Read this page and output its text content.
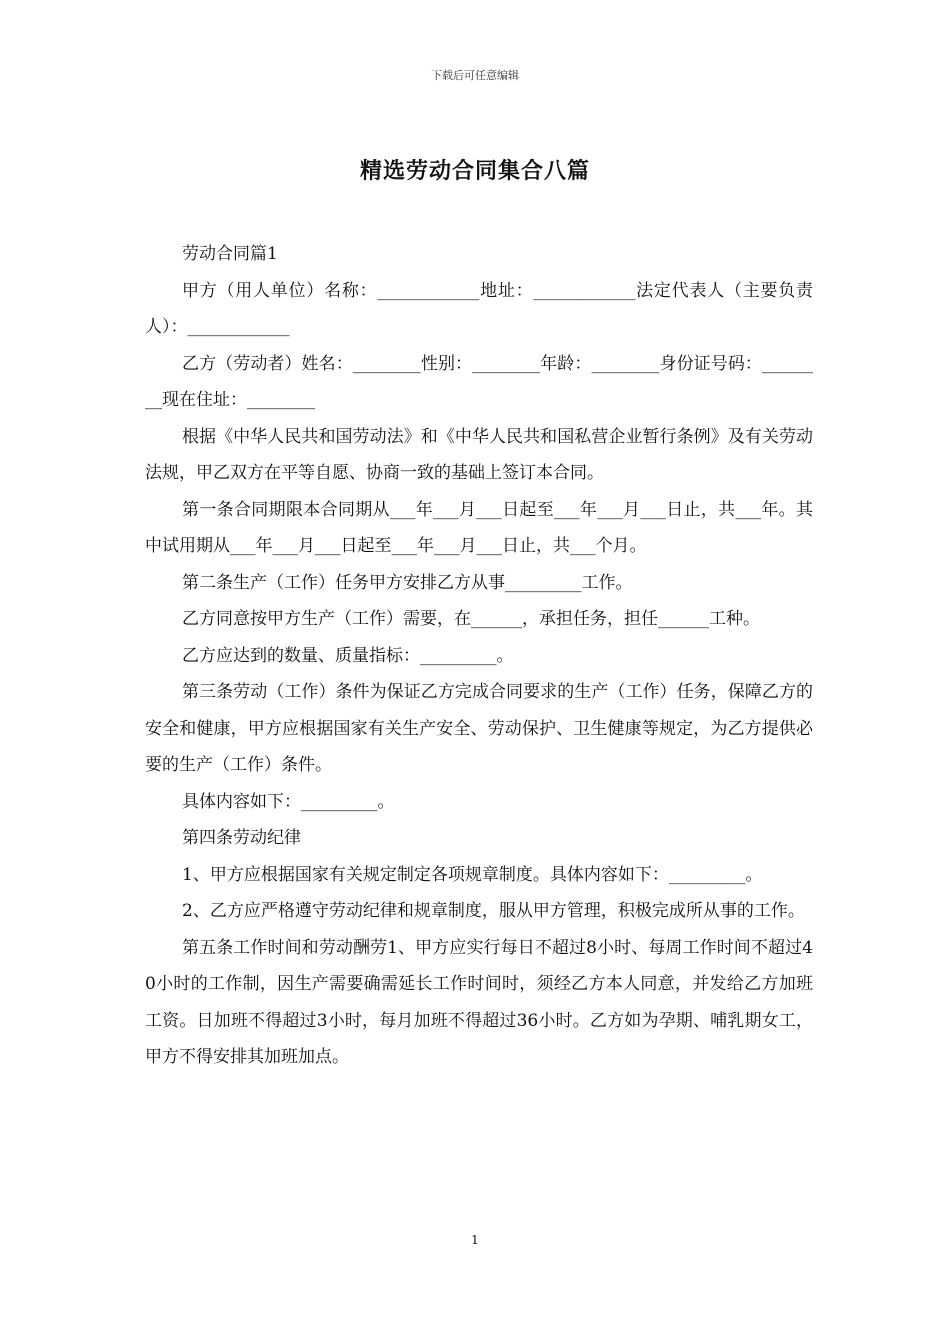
下载后可任意编辑
精选劳动合同集合八篇

劳动合同篇1

甲方（用人单位）名称：____________地址：____________法定代表人（主要负责人）：____________

乙方（劳动者）姓名：________性别：________年龄：________身份证号码：________现在住址：________

根据《中华人民共和国劳动法》和《中华人民共和国私营企业暂行条例》及有关劳动法规，甲乙双方在平等自愿、协商一致的基础上签订本合同。

第一条合同期限本合同期从___年___月___日起至___年___月___日止，共___年。其中试用期从___年___月___日起至___年___月___日止，共___个月。

第二条生产（工作）任务甲方安排乙方从事_________工作。

乙方同意按甲方生产（工作）需要，在______，承担任务，担任______工种。

乙方应达到的数量、质量指标：_________。

第三条劳动（工作）条件为保证乙方完成合同要求的生产（工作）任务，保障乙方的安全和健康，甲方应根据国家有关生产安全、劳动保护、卫生健康等规定，为乙方提供必要的生产（工作）条件。

具体内容如下：_________。

第四条劳动纪律

1、甲方应根据国家有关规定制定各项规章制度。具体内容如下：_________。

2、乙方应严格遵守劳动纪律和规章制度，服从甲方管理，积极完成所从事的工作。

第五条工作时间和劳动酬劳1、甲方应实行每日不超过8小时、每周工作时间不超过40小时的工作制，因生产需要确需延长工作时间时，须经乙方本人同意，并发给乙方加班工资。日加班不得超过3小时，每月加班不得超过36小时。乙方如为孕期、哺乳期女工，甲方不得安排其加班加点。

1
